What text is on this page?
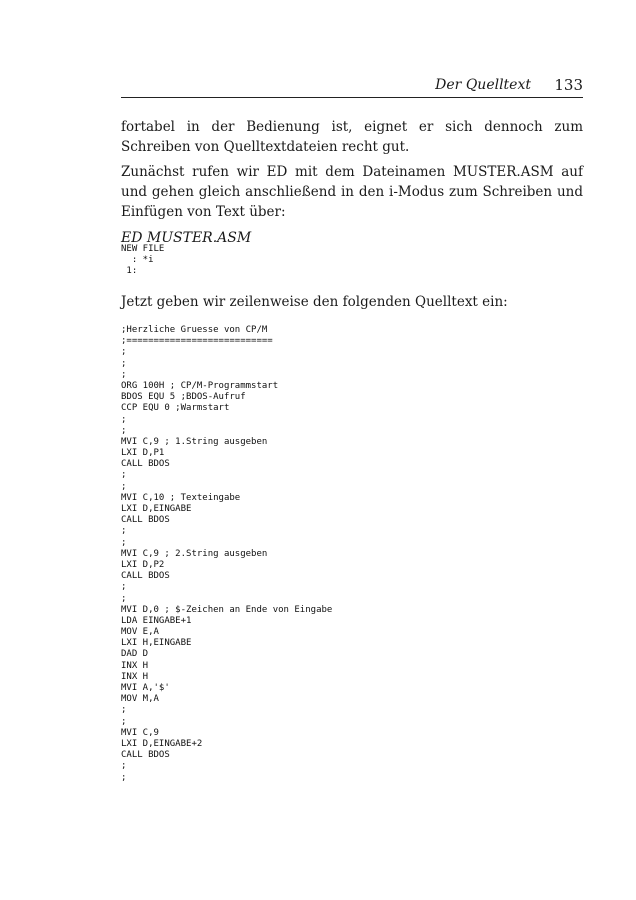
Der Quelltext 133

fortabel in der Bedienung ist, eignet er sich dennoch zum Schreiben von Quelltextdateien recht gut.

Zunächst rufen wir ED mit dem Dateinamen MUSTER.ASM auf und gehen gleich anschließend in den i-Modus zum Schreiben und Einfügen von Text über:

ED MUSTER.ASM
NEW FILE
: *i
1:

Jetzt geben wir zeilenweise den folgenden Quelltext ein:

;Herzliche Gruesse von CP/M
;===========================
;
;
;
ORG 100H ; CP/M-Programmstart
BDOS EQU 5 ;BDOS-Aufruf
CCP EQU 0 ;Warmstart
;
;
MVI C,9 ; 1.String ausgeben
LXI D,P1
CALL BDOS
;
;
MVI C,10 ; Texteingabe
LXI D,EINGABE
CALL BDOS
;
;
MVI C,9 ; 2.String ausgeben
LXI D,P2
CALL BDOS
;
;
MVI D,0 ; $-Zeichen an Ende von Eingabe
LDA EINGABE+1
MOV E,A
LXI H,EINGABE
DAD D
INX H
INX H
MVI A,'$'
MOV M,A
;
;
MVI C,9
LXI D,EINGABE+2
CALL BDOS
;
;
